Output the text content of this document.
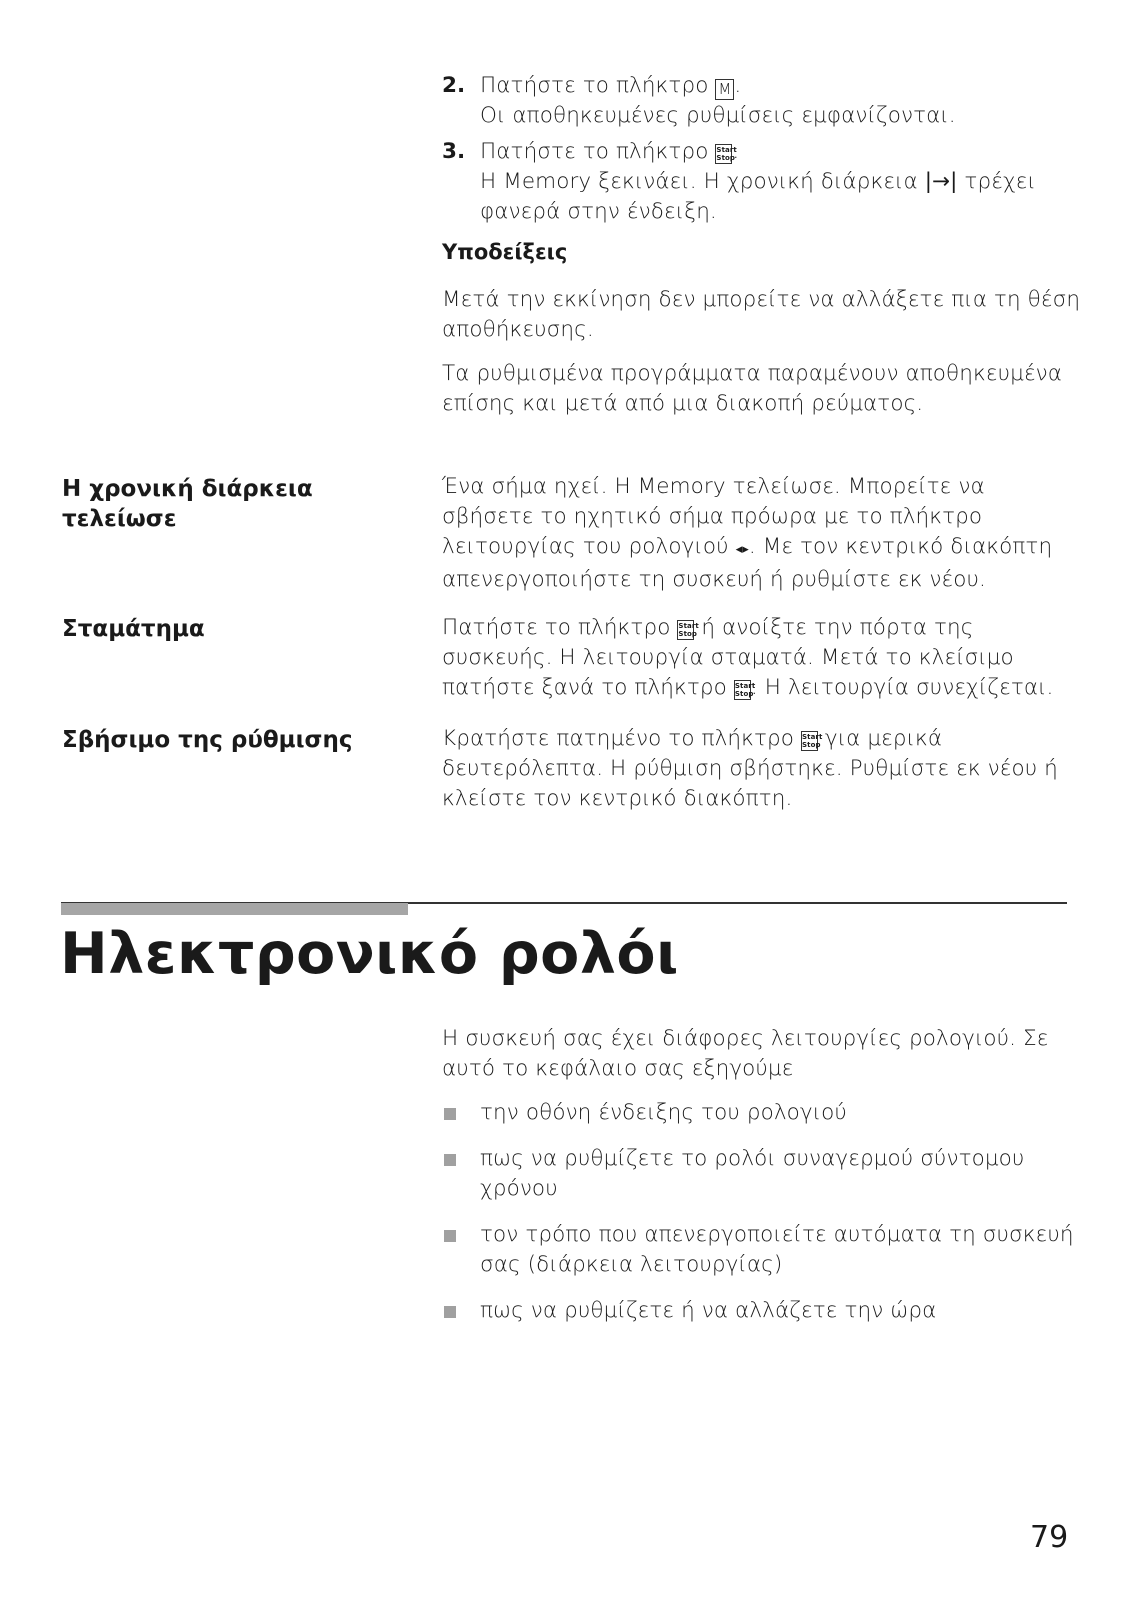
2. Πατήστε το πλήκτρο M .
Οι αποθηκευμένες ρυθμίσεις εμφανίζονται.
3. Πατήστε το πλήκτρο Start
Stop.
Η Memory ξεκινάει. Η χρονική διάρκεια |→| τρέχει
φανερά στην ένδειξη.
Υποδείξεις
Μετά την εκκίνηση δεν μπορείτε να αλλάξετε πια τη θέση αποθήκευσης.
Τα ρυθμισμένα προγράμματα παραμένουν αποθηκευμένα επίσης και μετά από μια διακοπή ρεύματος.
Η χρονική διάρκεια τελείωσε
Ένα σήμα ηχεί. Η Memory τελείωσε. Μπορείτε να σβήσετε το ηχητικό σήμα πρόωρα με το πλήκτρο λειτουργίας του ρολογιού ◂▸. Με τον κεντρικό διακόπτη απενεργοποιήστε τη συσκευή ή ρυθμίστε εκ νέου.
Σταμάτημα	Πατήστε το πλήκτρο Start
Stop ή ανοίξτε την πόρτα της συσκευής. Η λειτουργία σταματά. Μετά το κλείσιμο πατήστε ξανά το πλήκτρο Start
Stop. Η λειτουργία συνεχίζεται.
Σβήσιμο της ρύθμισης	Κρατήστε πατημένο το πλήκτρο Start
Stop για μερικά δευτερόλεπτα. Η ρύθμιση σβήστηκε. Ρυθμίστε εκ νέου ή κλείστε τον κεντρικό διακόπτη.
Ηλεκτρονικό ρολόι
Η συσκευή σας έχει διάφορες λειτουργίες ρολογιού. Σε αυτό το κεφάλαιο σας εξηγούμε
την οθόνη ένδειξης του ρολογιού
πως να ρυθμίζετε το ρολόι συναγερμού σύντομου χρόνου
τον τρόπο που απενεργοποιείτε αυτόματα τη συσκευή σας (διάρκεια λειτουργίας)
πως να ρυθμίζετε ή να αλλάζετε την ώρα
79
